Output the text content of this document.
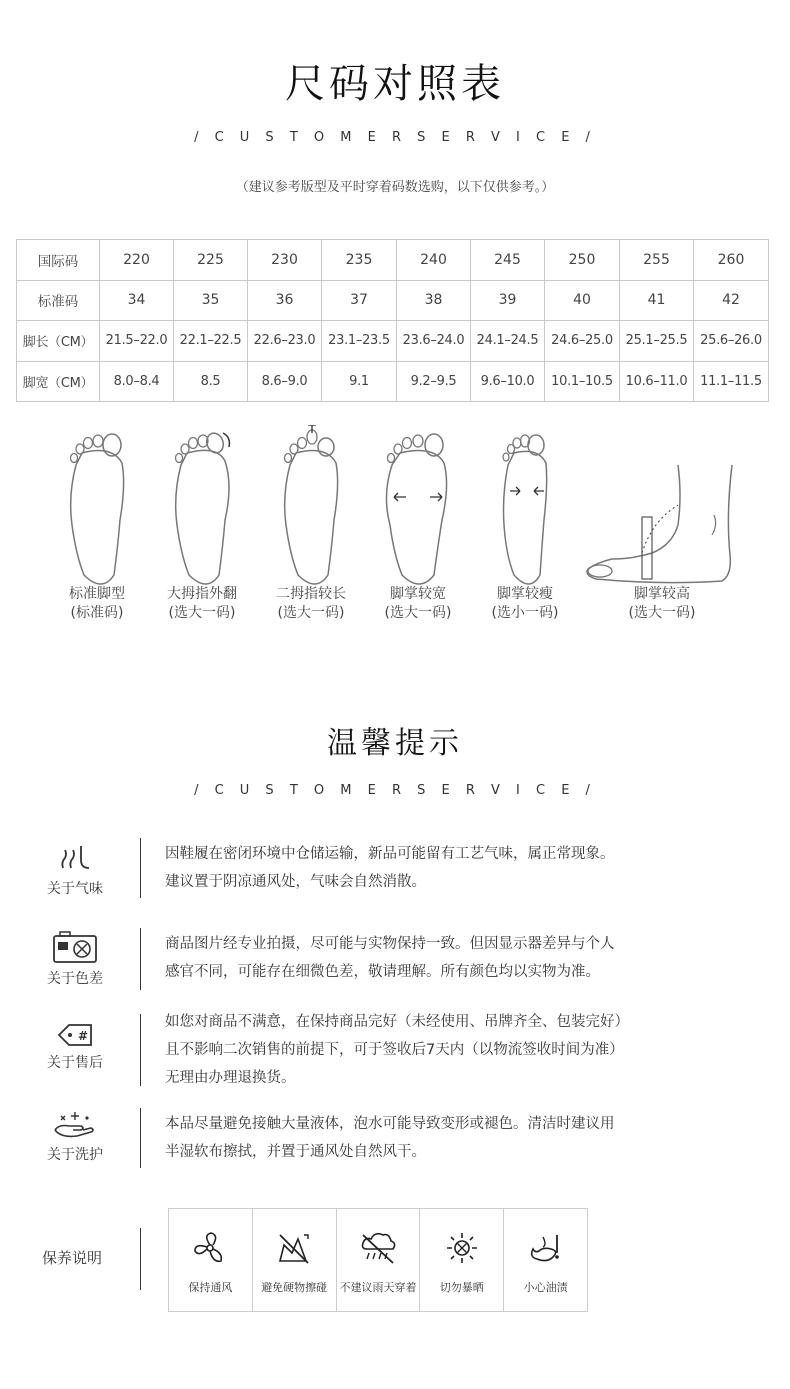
尺码对照表
/ C U S T O M E R S E R V I C E /
（建议参考版型及平时穿着码数选购，以下仅供参考。）
国际码	220	225	230	235	240	245	250	255	260
标准码	34	35	36	37	38	39	40	41	42
脚长（CM）	21.5–22.0	22.1–22.5	22.6–23.0	23.1–23.5	23.6–24.0	24.1–24.5	24.6–25.0	25.1–25.5	25.6–26.0
脚宽（CM）	8.0–8.4	8.5	8.6–9.0	9.1	9.2–9.5	9.6–10.0	10.1–10.5	10.6–11.0	11.1–11.5
标准脚型
(标准码)
大拇指外翻
(选大一码)
二拇指较长
(选大一码)
脚掌较宽
(选大一码)
脚掌较瘦
(选小一码)
脚掌较高
(选大一码)
温馨提示
/ C U S T O M E R S E R V I C E /
关于气味
因鞋履在密闭环境中仓储运输，新品可能留有工艺气味，属正常现象。
建议置于阴凉通风处，气味会自然消散。
关于色差
商品图片经专业拍摄，尽可能与实物保持一致。但因显示器差异与个人
感官不同，可能存在细微色差，敬请理解。所有颜色均以实物为准。
#
关于售后
如您对商品不满意，在保持商品完好（未经使用、吊牌齐全、包装完好）
且不影响二次销售的前提下，可于签收后7天内（以物流签收时间为准）
无理由办理退换货。
关于洗护
本品尽量避免接触大量液体，泡水可能导致变形或褪色。清洁时建议用
半湿软布擦拭，并置于通风处自然风干。
保养说明
保持通风	避免硬物擦碰	不建议雨天穿着	切勿暴晒	小心油渍
